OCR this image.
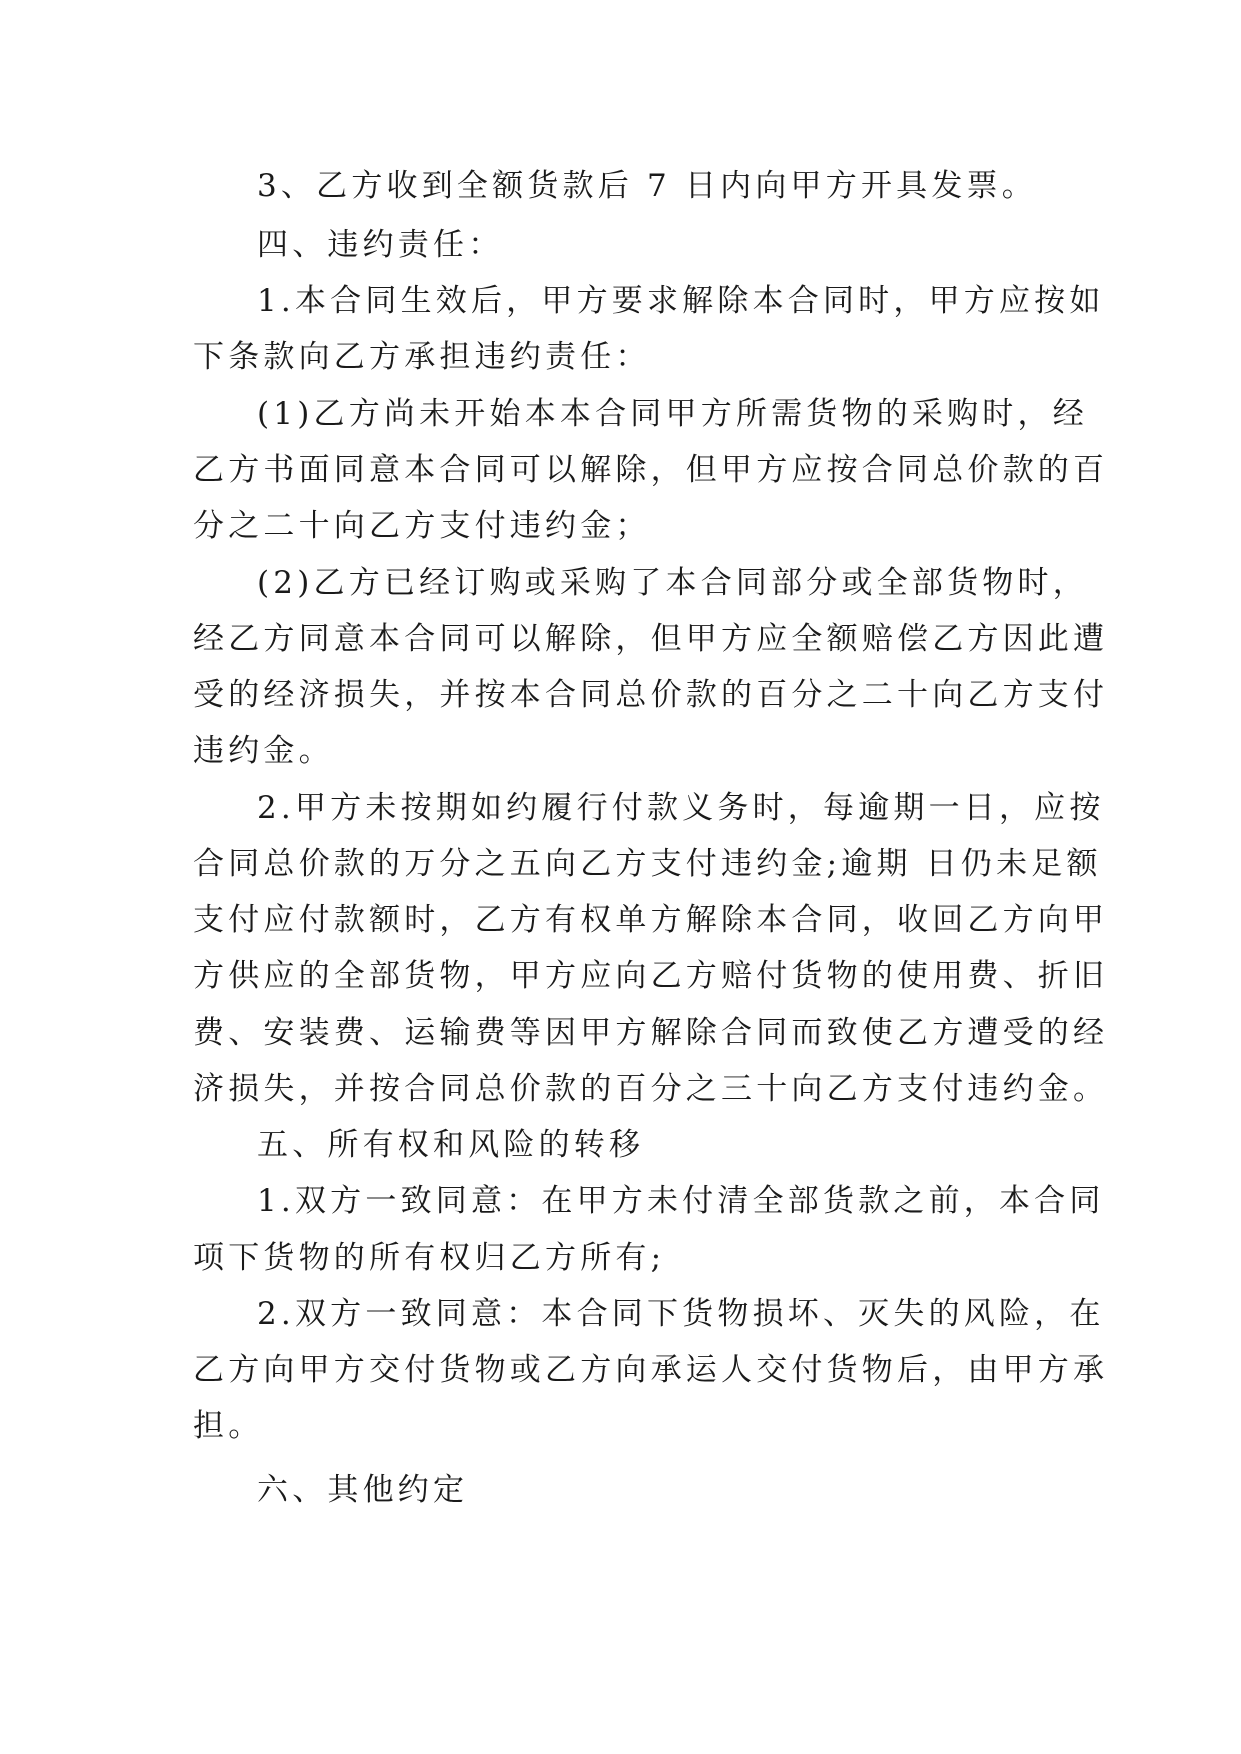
3、乙方收到全额货款后 7 日内向甲方开具发票。
四、违约责任：
1.本合同生效后，甲方要求解除本合同时，甲方应按如
下条款向乙方承担违约责任：
(1)乙方尚未开始本本合同甲方所需货物的采购时，经
乙方书面同意本合同可以解除，但甲方应按合同总价款的百
分之二十向乙方支付违约金；
(2)乙方已经订购或采购了本合同部分或全部货物时，
经乙方同意本合同可以解除，但甲方应全额赔偿乙方因此遭
受的经济损失，并按本合同总价款的百分之二十向乙方支付
违约金。
2.甲方未按期如约履行付款义务时，每逾期一日，应按
合同总价款的万分之五向乙方支付违约金;逾期 日仍未足额
支付应付款额时，乙方有权单方解除本合同，收回乙方向甲
方供应的全部货物，甲方应向乙方赔付货物的使用费、折旧
费、安装费、运输费等因甲方解除合同而致使乙方遭受的经
济损失，并按合同总价款的百分之三十向乙方支付违约金。
五、所有权和风险的转移
1.双方一致同意：在甲方未付清全部货款之前，本合同
项下货物的所有权归乙方所有;
2.双方一致同意：本合同下货物损坏、灭失的风险，在
乙方向甲方交付货物或乙方向承运人交付货物后，由甲方承
担。
六、其他约定
